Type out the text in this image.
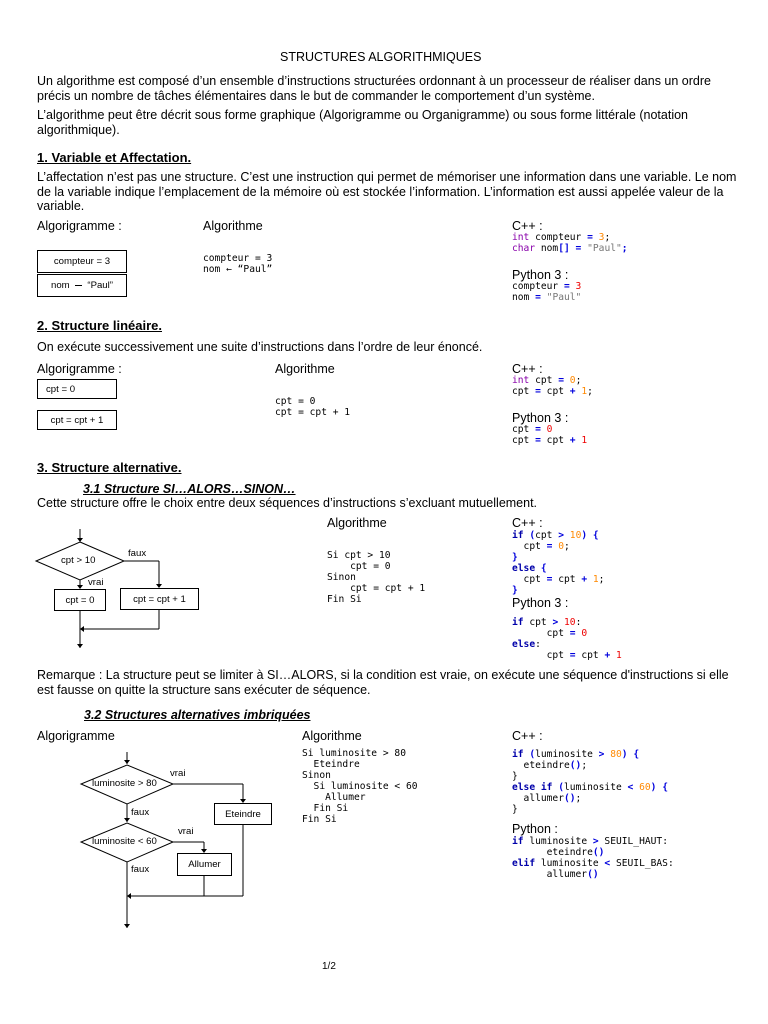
STRUCTURES ALGORITHMIQUES
Un algorithme est composé d’un ensemble d’instructions structurées ordonnant à un processeur de réaliser dans un ordre précis un nombre de tâches élémentaires dans le but de commander le comportement d’un système.
L’algorithme peut être décrit sous forme graphique (Algorigramme ou Organigramme) ou sous forme littérale (notation algorithmique).
1. Variable et Affectation.
L’affectation n’est pas une structure. C’est une instruction qui permet de mémoriser une information dans une variable. Le nom de la variable indique l’emplacement de la mémoire où est stockée l’information. L’information est aussi appelée valeur de la variable.
Algorigramme :	Algorithme	C++ :
compteur = 3
nom

“Paul”
compteur = 3
nom ← “Paul”
int compteur = 3;
char nom[] = "Paul";
Python 3 :
compteur = 3
nom = "Paul"
2. Structure linéaire.
On exécute successivement une suite d’instructions dans l’ordre de leur énoncé.
Algorigramme :	Algorithme	C++ :
cpt = 0
cpt = cpt + 1
cpt = 0
cpt = cpt + 1
int cpt = 0;
cpt = cpt + 1;
Python 3 :
cpt = 0
cpt = cpt + 1
3. Structure alternative.
3.1 Structure SI…ALORS…SINON…
Cette structure offre le choix entre deux séquences d’instructions s’excluant mutuellement.
Algorithme	C++ :
cpt > 10
faux
vrai
cpt = 0	cpt = cpt + 1
Si cpt > 10
cpt = 0
Sinon
cpt = cpt + 1
Fin Si
if (cpt > 10) {
cpt = 0;
}
else {
cpt = cpt + 1;
}
Python 3 :
if cpt > 10:
cpt = 0
else:
cpt = cpt + 1
Remarque : La structure peut se limiter à SI…ALORS, si la condition est vraie, on exécute une séquence d'instructions si elle est fausse on quitte la structure sans exécuter de séquence.
3.2 Structures alternatives imbriquées
Algorigramme	Algorithme	C++ :
luminosite > 80
vrai
faux	Eteindre
luminosite < 60
vrai
Allumer
faux
Si luminosite > 80
Eteindre
Sinon
Si luminosite < 60
Allumer
Fin Si
Fin Si
if (luminosite > 80) {
eteindre();
}
else if (luminosite < 60) {
allumer();
}
Python :
if luminosite > SEUIL_HAUT:
eteindre()
elif luminosite < SEUIL_BAS:
allumer()
1/2
